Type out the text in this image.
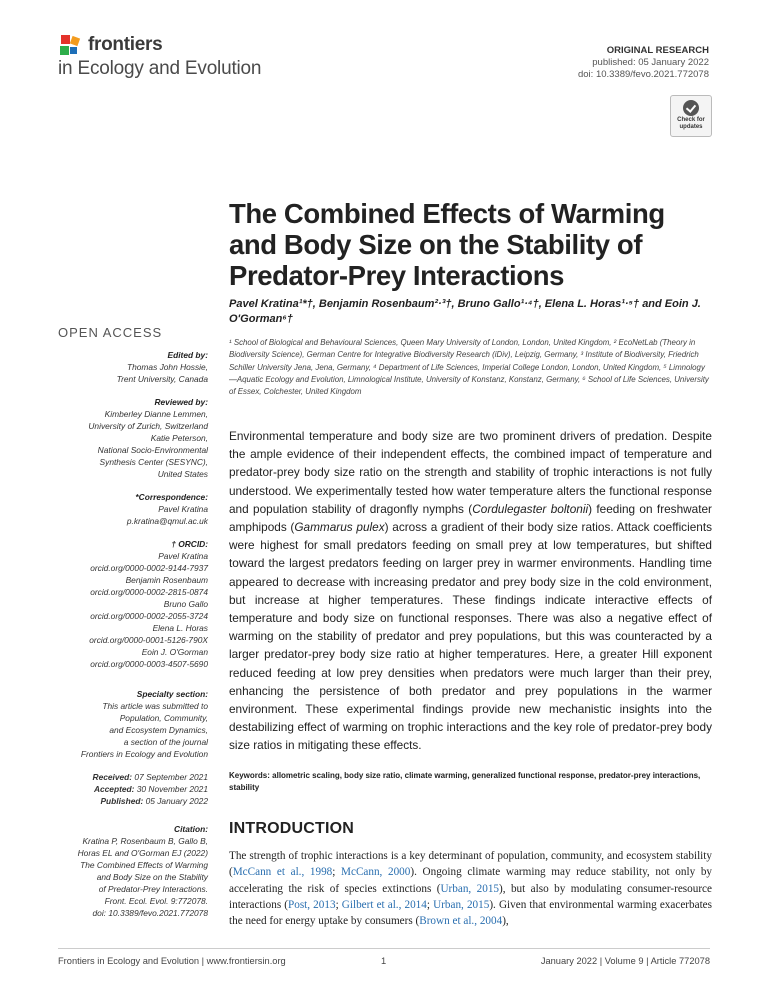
frontiers
in Ecology and Evolution
ORIGINAL RESEARCH
published: 05 January 2022
doi: 10.3389/fevo.2021.772078
Check for
updates
The Combined Effects of Warming and Body Size on the Stability of Predator-Prey Interactions
Pavel Kratina¹*†, Benjamin Rosenbaum²·³†, Bruno Gallo¹·⁴†, Elena L. Horas¹·⁵† and Eoin J. O'Gorman⁶†
¹ School of Biological and Behavioural Sciences, Queen Mary University of London, London, United Kingdom, ² EcoNetLab (Theory in Biodiversity Science), German Centre for Integrative Biodiversity Research (iDiv), Leipzig, Germany, ³ Institute of Biodiversity, Friedrich Schiller University Jena, Jena, Germany, ⁴ Department of Life Sciences, Imperial College London, London, United Kingdom, ⁵ Limnology—Aquatic Ecology and Evolution, Limnological Institute, University of Konstanz, Konstanz, Germany, ⁶ School of Life Sciences, University of Essex, Colchester, United Kingdom

Environmental temperature and body size are two prominent drivers of predation. Despite the ample evidence of their independent effects, the combined impact of temperature and predator-prey body size ratio on the strength and stability of trophic interactions is not fully understood. We experimentally tested how water temperature alters the functional response and population stability of dragonfly nymphs (Cordulegaster boltonii) feeding on freshwater amphipods (Gammarus pulex) across a gradient of their body size ratios. Attack coefficients were highest for small predators feeding on small prey at low temperatures, but shifted toward the largest predators feeding on larger prey in warmer environments. Handling time appeared to decrease with increasing predator and prey body size in the cold environment, but increase at higher temperatures. These findings indicate interactive effects of temperature and body size on functional responses. There was also a negative effect of warming on the stability of predator and prey populations, but this was counteracted by a larger predator-prey body size ratio at higher temperatures. Here, a greater Hill exponent reduced feeding at low prey densities when predators were much larger than their prey, enhancing the persistence of both predator and prey populations in the warmer environment. These experimental findings provide new mechanistic insights into the destabilizing effect of warming on trophic interactions and the key role of predator-prey body size ratios in mitigating these effects.

Keywords: allometric scaling, body size ratio, climate warming, generalized functional response, predator-prey interactions, stability
INTRODUCTION

The strength of trophic interactions is a key determinant of population, community, and ecosystem stability (McCann et al., 1998; McCann, 2000). Ongoing climate warming may reduce stability, not only by accelerating the risk of species extinctions (Urban, 2015), but also by modulating consumer-resource interactions (Post, 2013; Gilbert et al., 2014; Urban, 2015). Given that environmental warming exacerbates the need for energy uptake by consumers (Brown et al., 2004),

OPEN ACCESS
Edited by:
Thomas John Hossie,
Trent University, Canada
Reviewed by:
Kimberley Dianne Lemmen,
University of Zurich, Switzerland
Katie Peterson,
National Socio-Environmental
Synthesis Center (SESYNC),
United States
*Correspondence:
Pavel Kratina
p.kratina@qmul.ac.uk
† ORCID:
Pavel Kratina
orcid.org/0000-0002-9144-7937
Benjamin Rosenbaum
orcid.org/0000-0002-2815-0874
Bruno Gallo
orcid.org/0000-0002-2055-3724
Elena L. Horas
orcid.org/0000-0001-5126-790X
Eoin J. O'Gorman
orcid.org/0000-0003-4507-5690
Specialty section:
This article was submitted to
Population, Community,
and Ecosystem Dynamics,
a section of the journal
Frontiers in Ecology and Evolution
Received: 07 September 2021
Accepted: 30 November 2021
Published: 05 January 2022
Citation:
Kratina P, Rosenbaum B, Gallo B,
Horas EL and O'Gorman EJ (2022)
The Combined Effects of Warming
and Body Size on the Stability
of Predator-Prey Interactions.
Front. Ecol. Evol. 9:772078.
doi: 10.3389/fevo.2021.772078
Frontiers in Ecology and Evolution | www.frontiersin.org	1	January 2022 | Volume 9 | Article 772078
